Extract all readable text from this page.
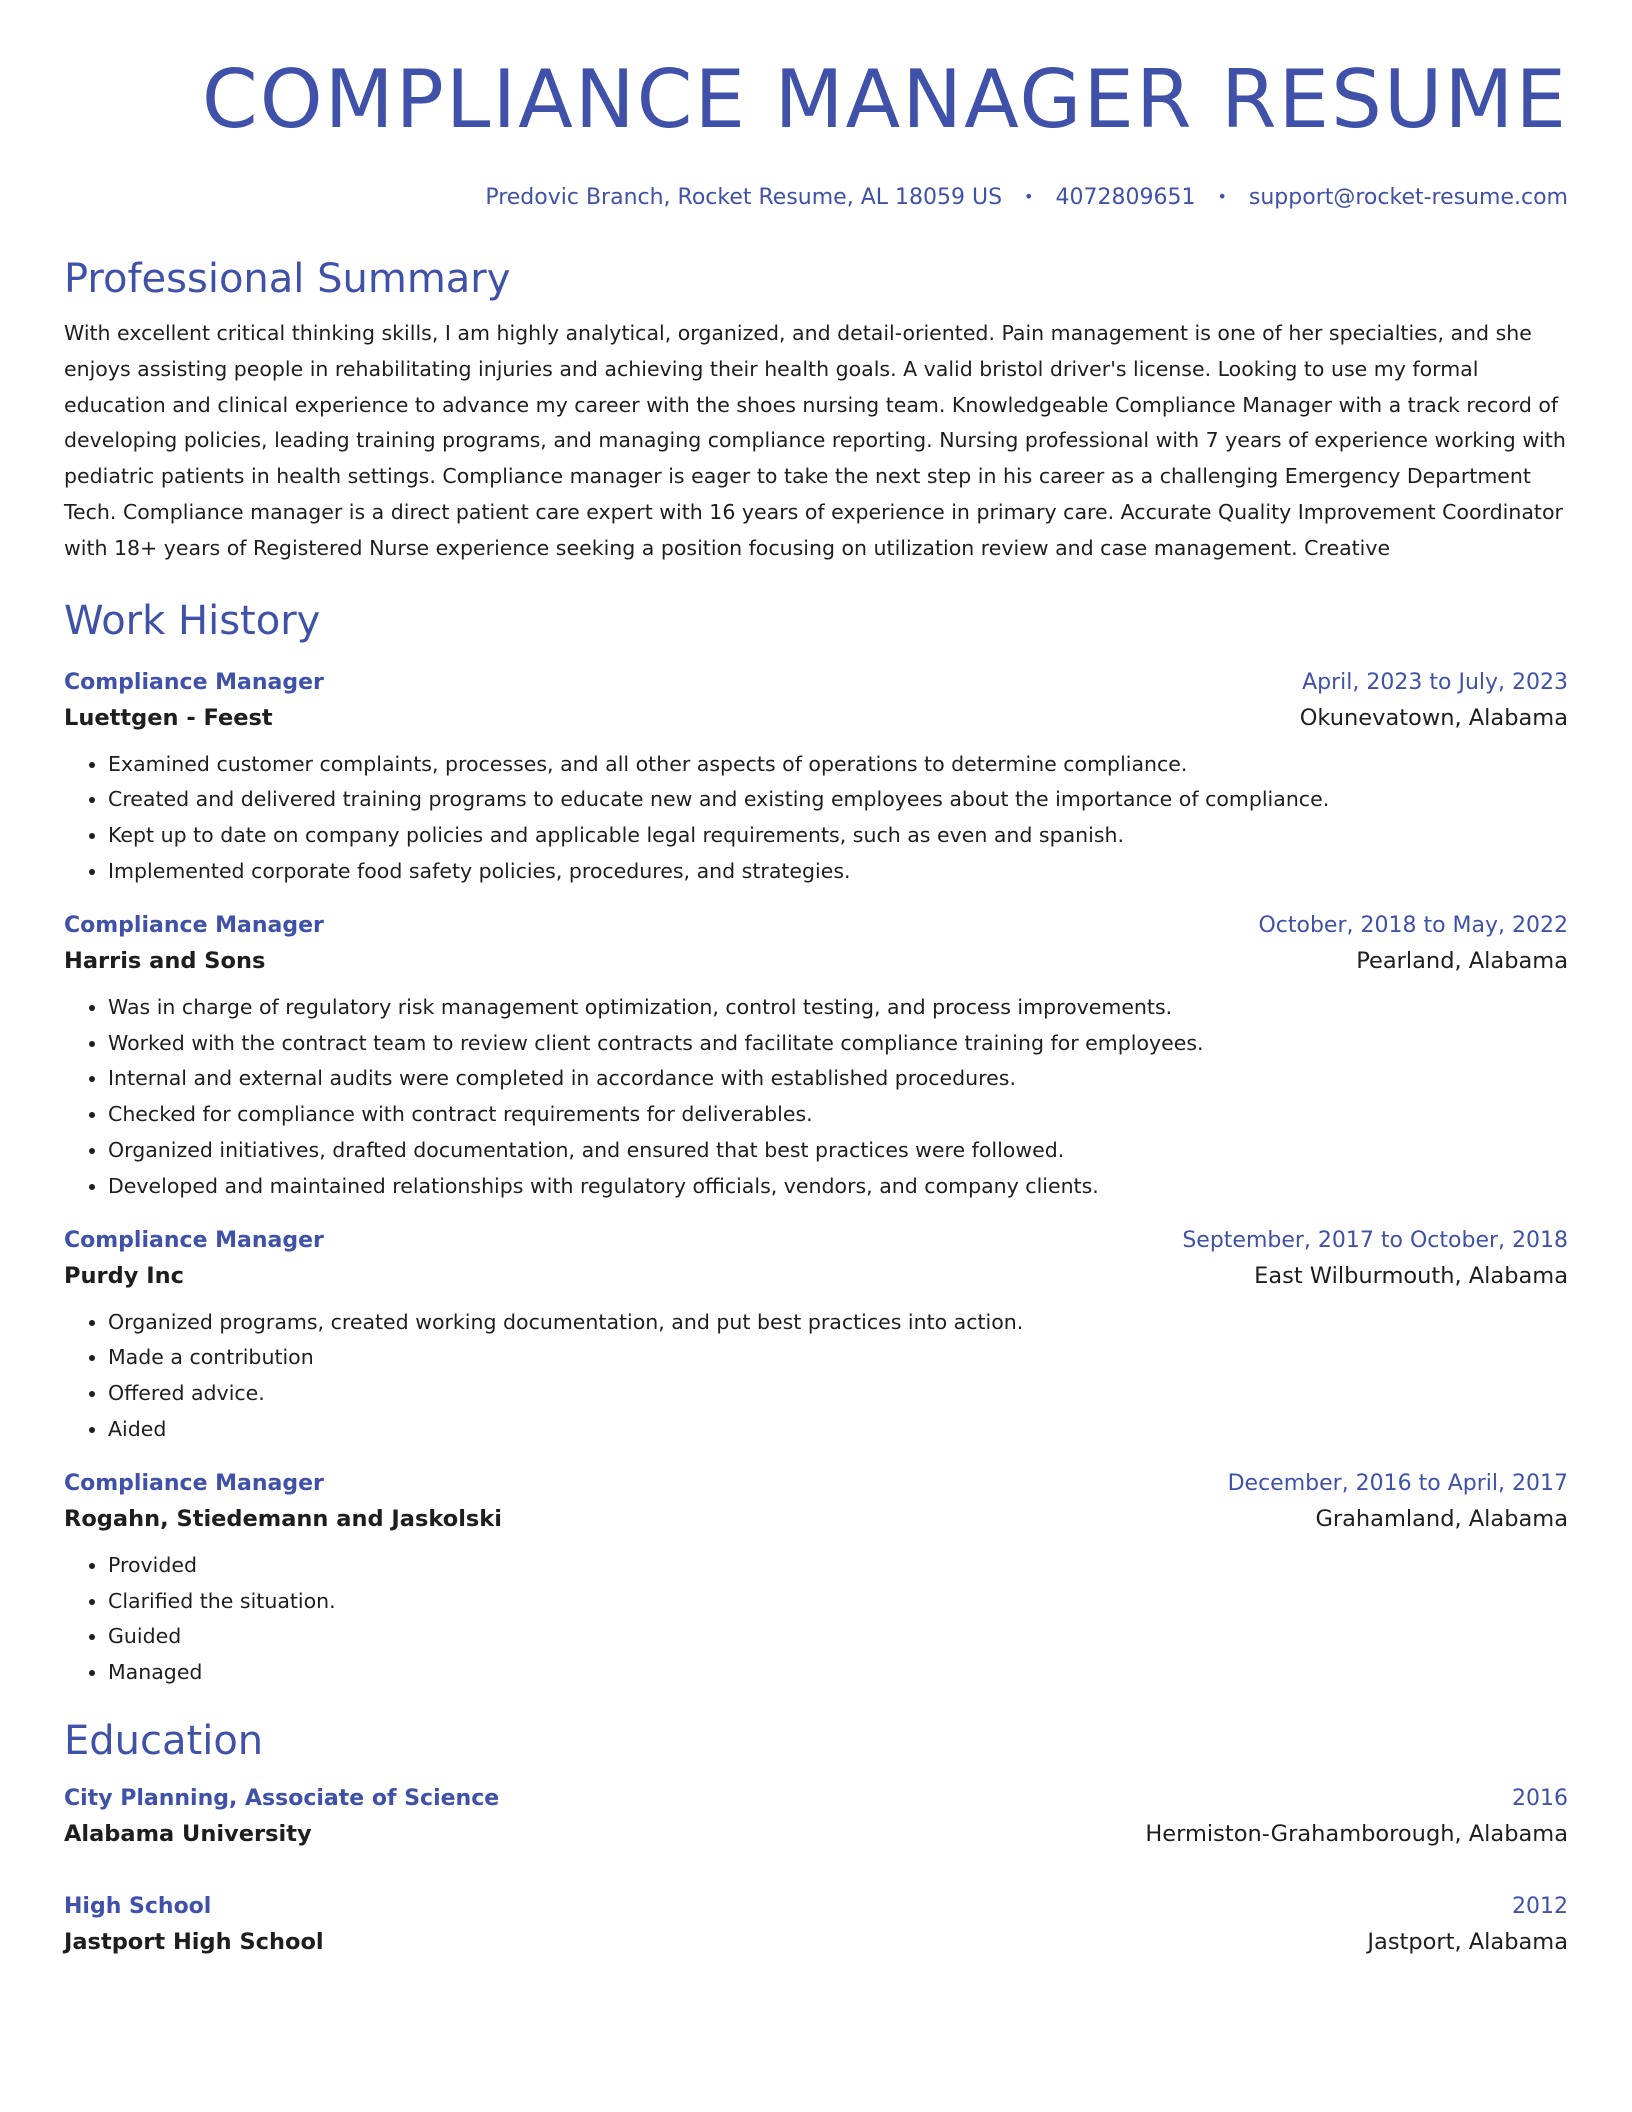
COMPLIANCE MANAGER RESUME
Predovic Branch, Rocket Resume, AL 18059 US • 4072809651 • support@rocket-resume.com
Professional Summary
With excellent critical thinking skills, I am highly analytical, organized, and detail-oriented. Pain management is one of her specialties, and she enjoys assisting people in rehabilitating injuries and achieving their health goals. A valid bristol driver's license. Looking to use my formal education and clinical experience to advance my career with the shoes nursing team. Knowledgeable Compliance Manager with a track record of developing policies, leading training programs, and managing compliance reporting. Nursing professional with 7 years of experience working with pediatric patients in health settings. Compliance manager is eager to take the next step in his career as a challenging Emergency Department Tech. Compliance manager is a direct patient care expert with 16 years of experience in primary care. Accurate Quality Improvement Coordinator with 18+ years of Registered Nurse experience seeking a position focusing on utilization review and case management. Creative
Work History
Compliance Manager	April, 2023 to July, 2023
Luettgen - Feest	Okunevatown, Alabama
• Examined customer complaints, processes, and all other aspects of operations to determine compliance.
• Created and delivered training programs to educate new and existing employees about the importance of compliance.
• Kept up to date on company policies and applicable legal requirements, such as even and spanish.
• Implemented corporate food safety policies, procedures, and strategies.
Compliance Manager	October, 2018 to May, 2022
Harris and Sons	Pearland, Alabama
• Was in charge of regulatory risk management optimization, control testing, and process improvements.
• Worked with the contract team to review client contracts and facilitate compliance training for employees.
• Internal and external audits were completed in accordance with established procedures.
• Checked for compliance with contract requirements for deliverables.
• Organized initiatives, drafted documentation, and ensured that best practices were followed.
• Developed and maintained relationships with regulatory officials, vendors, and company clients.
Compliance Manager	September, 2017 to October, 2018
Purdy Inc	East Wilburmouth, Alabama
• Organized programs, created working documentation, and put best practices into action.
• Made a contribution
• Offered advice.
• Aided
Compliance Manager	December, 2016 to April, 2017
Rogahn, Stiedemann and Jaskolski	Grahamland, Alabama
• Provided
• Clarified the situation.
• Guided
• Managed
Education
City Planning, Associate of Science	2016
Alabama University	Hermiston-Grahamborough, Alabama
High School	2012
Jastport High School	Jastport, Alabama
